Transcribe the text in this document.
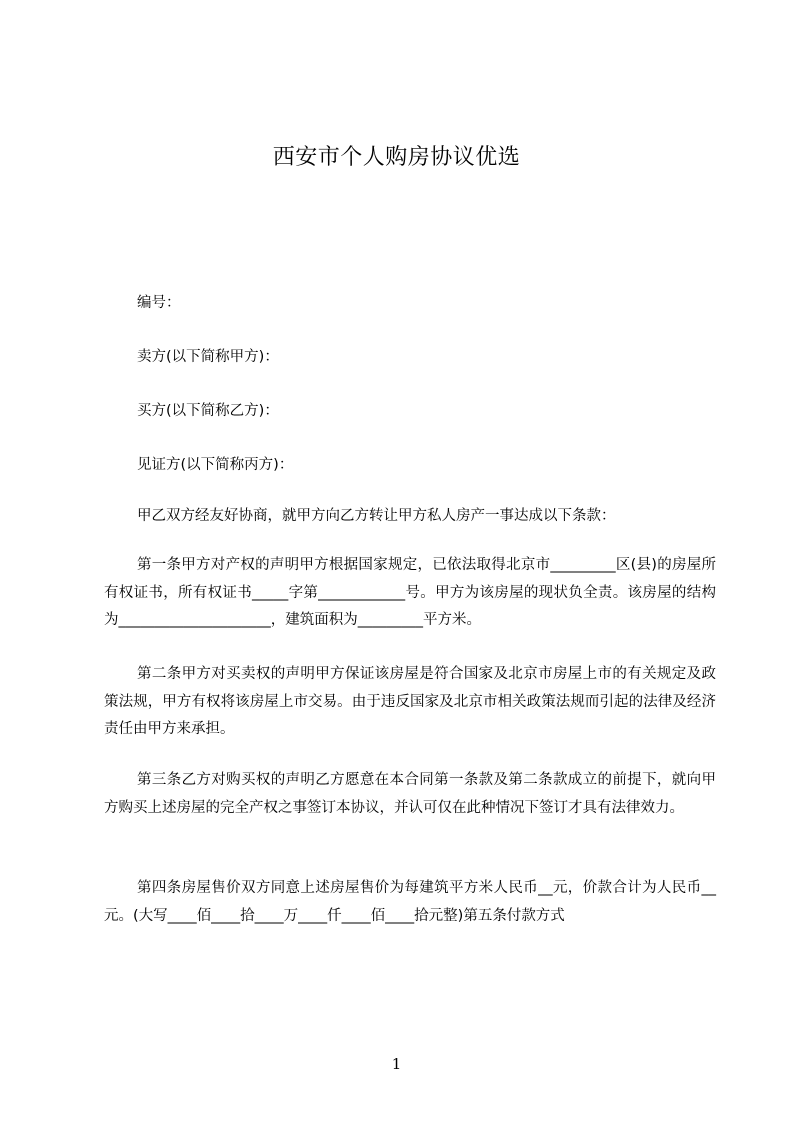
西安市个人购房协议优选
编号：
卖方(以下简称甲方)：
买方(以下简称乙方)：
见证方(以下简称丙方)：
甲乙双方经友好协商，就甲方向乙方转让甲方私人房产一事达成以下条款：
第一条甲方对产权的声明甲方根据国家规定，已依法取得北京市_________区(县)的房屋所有权证书，所有权证书_____字第____________号。甲方为该房屋的现状负全责。该房屋的结构为_____________________，建筑面积为_________平方米。
第二条甲方对买卖权的声明甲方保证该房屋是符合国家及北京市房屋上市的有关规定及政策法规，甲方有权将该房屋上市交易。由于违反国家及北京市相关政策法规而引起的法律及经济责任由甲方来承担。
第三条乙方对购买权的声明乙方愿意在本合同第一条款及第二条款成立的前提下，就向甲方购买上述房屋的完全产权之事签订本协议，并认可仅在此种情况下签订才具有法律效力。
第四条房屋售价双方同意上述房屋售价为每建筑平方米人民币__元，价款合计为人民币__元。(大写____佰____拾____万____仟____佰____拾元整)第五条付款方式
1
